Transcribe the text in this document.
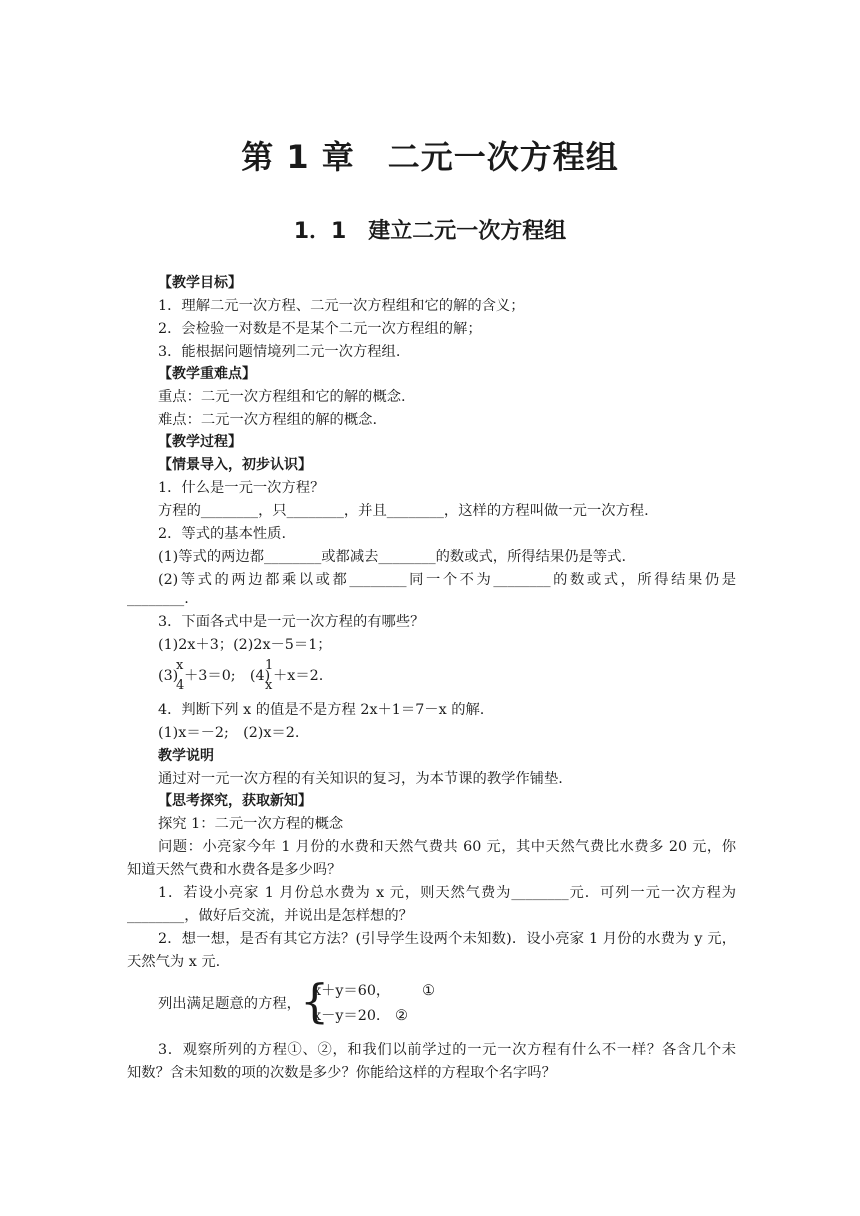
第 1 章　二元一次方程组
1．1　建立二元一次方程组
【教学目标】
1．理解二元一次方程、二元一次方程组和它的解的含义；
2．会检验一对数是不是某个二元一次方程组的解；
3．能根据问题情境列二元一次方程组.
【教学重难点】
重点：二元一次方程组和它的解的概念.
难点：二元一次方程组的解的概念.
【教学过程】
【情景导入，初步认识】
1．什么是一元一次方程？
方程的________，只________，并且________，这样的方程叫做一元一次方程.
2．等式的基本性质.
(1)等式的两边都________或都减去________的数或式，所得结果仍是等式.
(2)等式的两边都乘以或都________同一个不为________的数或式，所得结果仍是
________.
3．下面各式中是一元一次方程的有哪些？
(1)2x＋3；(2)2x－5＝1；
(3)
x
4
＋3＝0;　(4)
1
x
＋x＝2.
4．判断下列 x 的值是不是方程 2x＋1＝7－x 的解.
(1)x＝－2;　(2)x＝2.
教学说明
通过对一元一次方程的有关知识的复习，为本节课的教学作铺垫.
【思考探究，获取新知】
探究 1：二元一次方程的概念
问题：小亮家今年 1 月份的水费和天然气费共 60 元，其中天然气费比水费多 20 元，你
知道天然气费和水费各是多少吗？
1．若设小亮家 1 月份总水费为 x 元，则天然气费为________元．可列一元一次方程为
________，做好后交流，并说出是怎样想的？
2．想一想，是否有其它方法？(引导学生设两个未知数)．设小亮家 1 月份的水费为 y 元，
天然气为 x 元.
列出满足题意的方程， {
x＋y＝60， ①
x－y＝20. ②
3．观察所列的方程①、②，和我们以前学过的一元一次方程有什么不一样？各含几个未
知数？含未知数的项的次数是多少？你能给这样的方程取个名字吗？
